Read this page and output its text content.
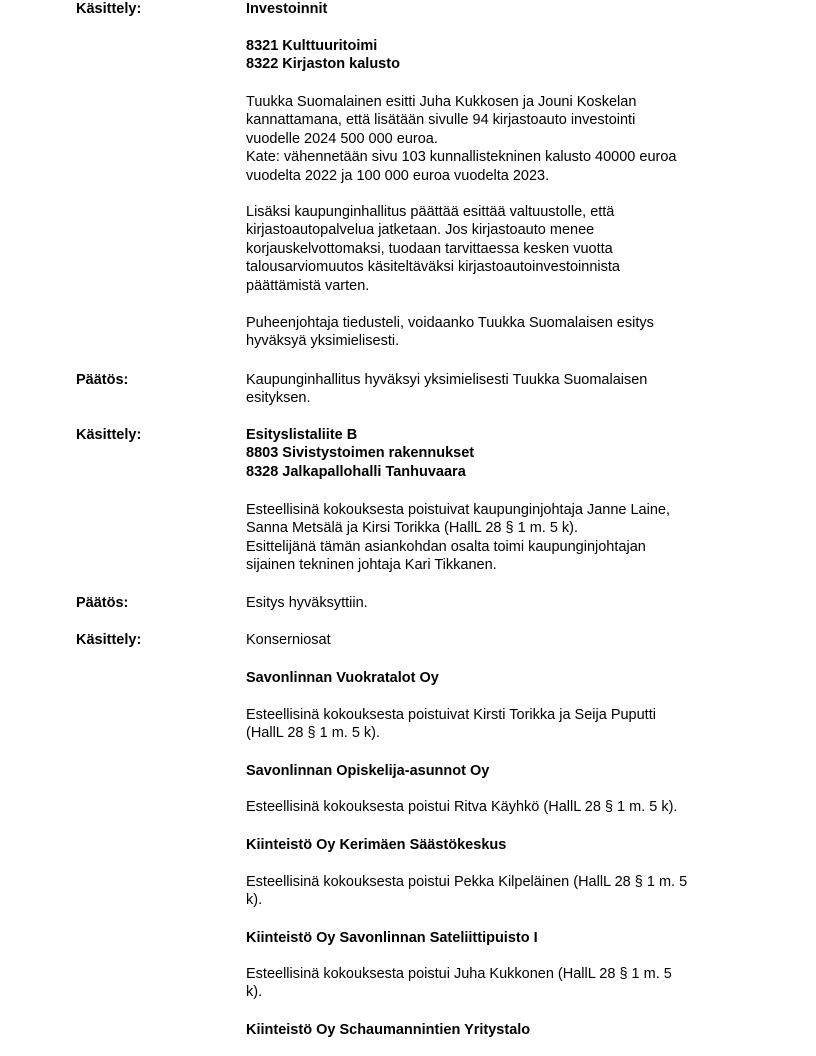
Käsittely:	Investoinnit
8321 Kulttuuritoimi
8322 Kirjaston kalusto
Tuukka Suomalainen esitti Juha Kukkosen ja Jouni Koskelan
kannattamana, että lisätään sivulle 94 kirjastoauto investointi
vuodelle 2024 500 000 euroa.
Kate: vähennetään sivu 103 kunnallistekninen kalusto 40000 euroa
vuodelta 2022 ja 100 000 euroa vuodelta 2023.
Lisäksi kaupunginhallitus päättää esittää valtuustolle, että
kirjastoautopalvelua jatketaan. Jos kirjastoauto menee
korjauskelvottomaksi, tuodaan tarvittaessa kesken vuotta
talousarviomuutos käsiteltäväksi kirjastoautoinvestoinnista
päättämistä varten.
Puheenjohtaja tiedusteli, voidaanko Tuukka Suomalaisen esitys
hyväksyä yksimielisesti.
Päätös:	Kaupunginhallitus hyväksyi yksimielisesti Tuukka Suomalaisen
esityksen.
Käsittely:	Esityslistaliite B
8803 Sivistystoimen rakennukset
8328 Jalkapallohalli Tanhuvaara
Esteellisinä kokouksesta poistuivat kaupunginjohtaja Janne Laine,
Sanna Metsälä ja Kirsi Torikka (HallL 28 § 1 m. 5 k).
Esittelijänä tämän asiankohdan osalta toimi kaupunginjohtajan
sijainen tekninen johtaja Kari Tikkanen.
Päätös:	Esitys hyväksyttiin.
Käsittely:	Konserniosat
Savonlinnan Vuokratalot Oy
Esteellisinä kokouksesta poistuivat Kirsti Torikka ja Seija Puputti
(HallL 28 § 1 m. 5 k).
Savonlinnan Opiskelija-asunnot Oy
Esteellisinä kokouksesta poistui Ritva Käyhkö (HallL 28 § 1 m. 5 k).
Kiinteistö Oy Kerimäen Säästökeskus
Esteellisinä kokouksesta poistui Pekka Kilpeläinen (HallL 28 § 1 m. 5
k).
Kiinteistö Oy Savonlinnan Sateliittipuisto I
Esteellisinä kokouksesta poistui Juha Kukkonen (HallL 28 § 1 m. 5
k).
Kiinteistö Oy Schaumannintien Yritystalo
